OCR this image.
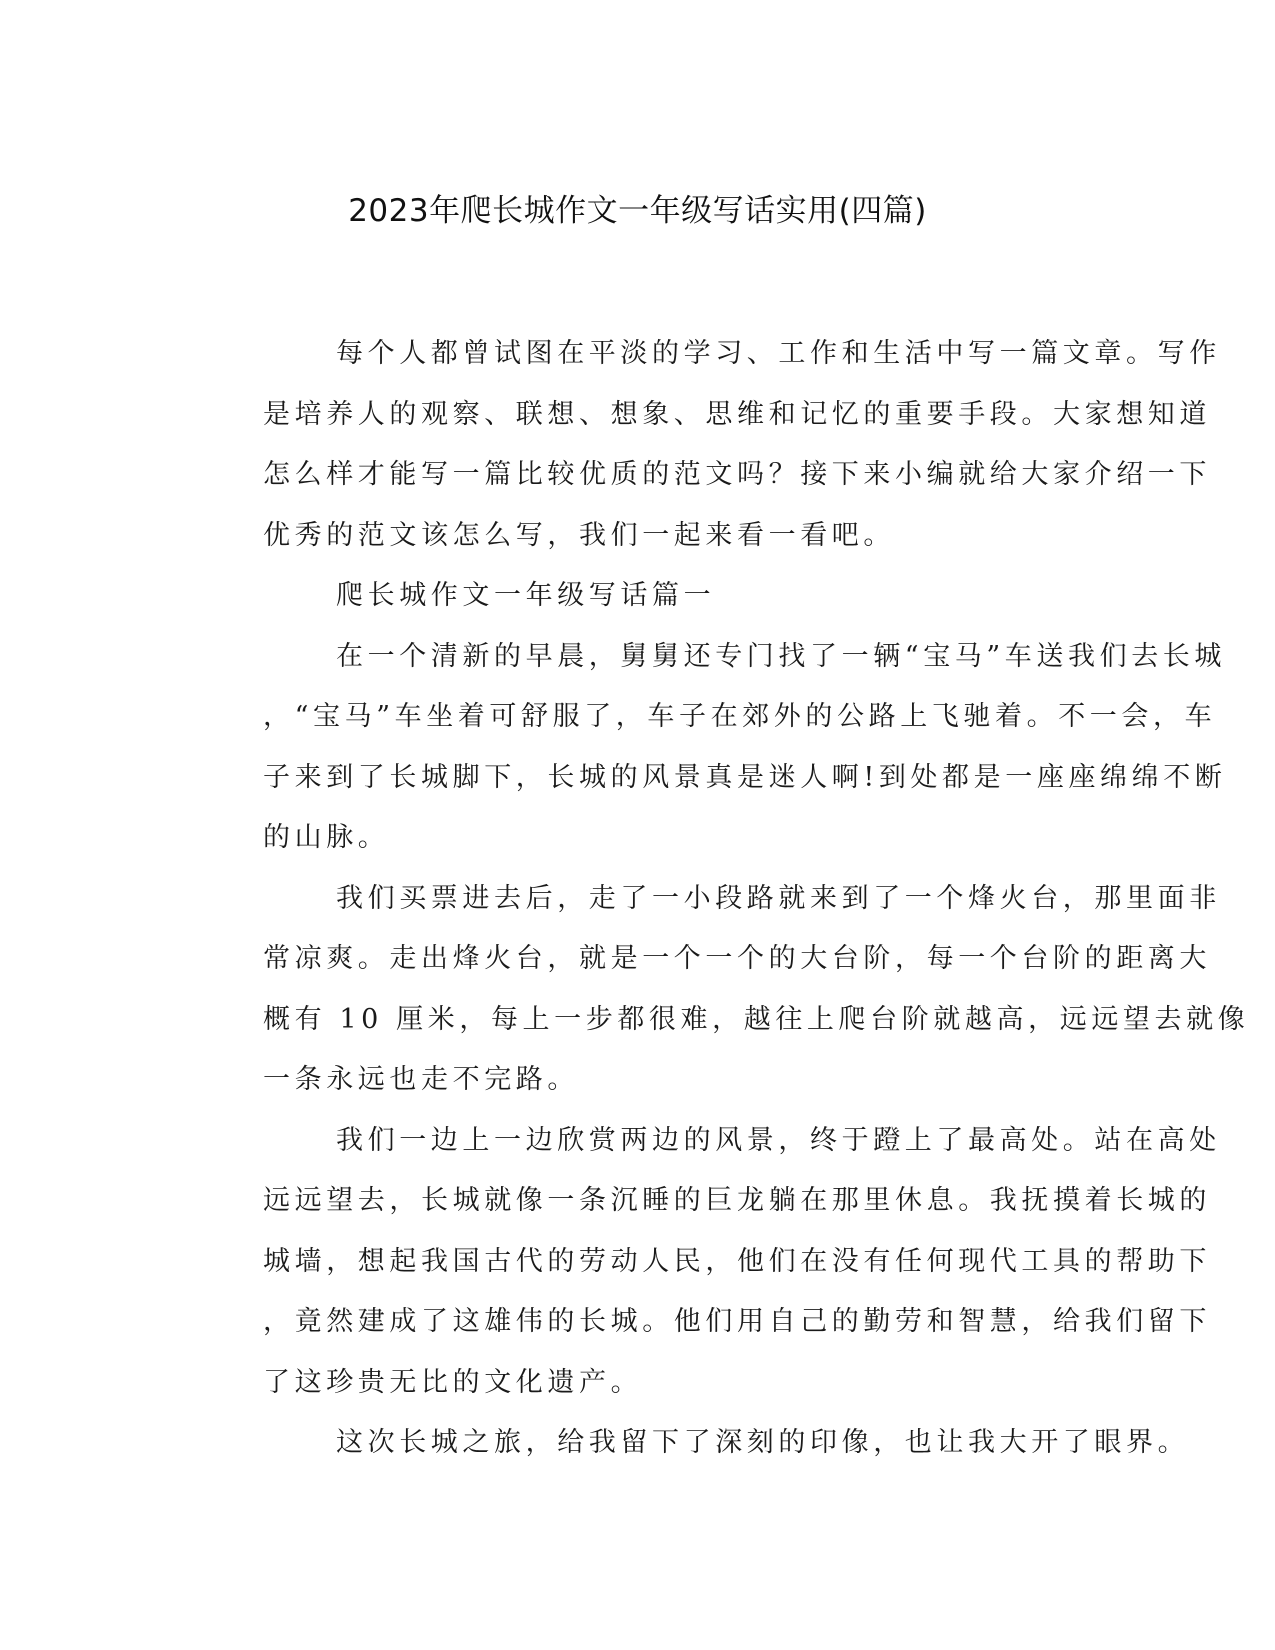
2023年爬长城作文一年级写话实用(四篇)
每个人都曾试图在平淡的学习、工作和生活中写一篇文章。写作
是培养人的观察、联想、想象、思维和记忆的重要手段。大家想知道
怎么样才能写一篇比较优质的范文吗？接下来小编就给大家介绍一下
优秀的范文该怎么写，我们一起来看一看吧。
爬长城作文一年级写话篇一
在一个清新的早晨，舅舅还专门找了一辆“宝马”车送我们去长城
，“宝马”车坐着可舒服了，车子在郊外的公路上飞驰着。不一会，车
子来到了长城脚下，长城的风景真是迷人啊!到处都是一座座绵绵不断
的山脉。
我们买票进去后，走了一小段路就来到了一个烽火台，那里面非
常凉爽。走出烽火台，就是一个一个的大台阶，每一个台阶的距离大
概有 10 厘米，每上一步都很难，越往上爬台阶就越高，远远望去就像
一条永远也走不完路。
我们一边上一边欣赏两边的风景，终于蹬上了最高处。站在高处
远远望去，长城就像一条沉睡的巨龙躺在那里休息。我抚摸着长城的
城墙，想起我国古代的劳动人民，他们在没有任何现代工具的帮助下
，竟然建成了这雄伟的长城。他们用自己的勤劳和智慧，给我们留下
了这珍贵无比的文化遗产。
这次长城之旅，给我留下了深刻的印像，也让我大开了眼界。
